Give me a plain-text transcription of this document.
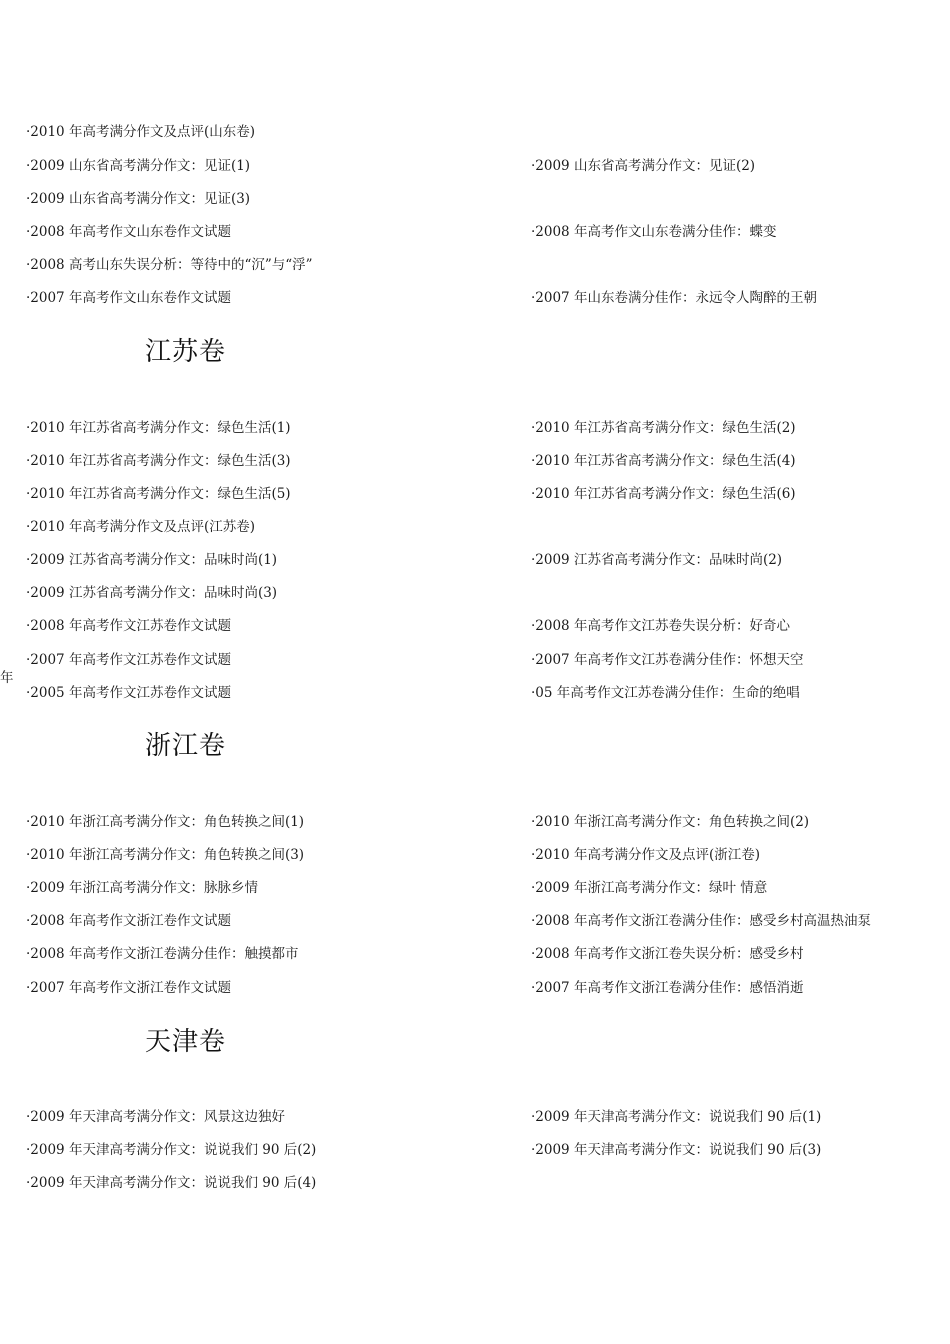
·2010 年高考满分作文及点评(山东卷)
·2009 山东省高考满分作文：见证(1)	·2009 山东省高考满分作文：见证(2)
·2009 山东省高考满分作文：见证(3)
·2008 年高考作文山东卷作文试题	·2008 年高考作文山东卷满分佳作：蝶变
·2008 高考山东失误分析：等待中的“沉”与“浮”
·2007 年高考作文山东卷作文试题	·2007 年山东卷满分佳作：永远令人陶醉的王朝
江苏卷
·2010 年江苏省高考满分作文：绿色生活(1)	·2010 年江苏省高考满分作文：绿色生活(2)
·2010 年江苏省高考满分作文：绿色生活(3)	·2010 年江苏省高考满分作文：绿色生活(4)
·2010 年江苏省高考满分作文：绿色生活(5)	·2010 年江苏省高考满分作文：绿色生活(6)
·2010 年高考满分作文及点评(江苏卷)
·2009 江苏省高考满分作文：品味时尚(1)	·2009 江苏省高考满分作文：品味时尚(2)
·2009 江苏省高考满分作文：品味时尚(3)
·2008 年高考作文江苏卷作文试题	·2008 年高考作文江苏卷失误分析：好奇心
·2007 年高考作文江苏卷作文试题	·2007 年高考作文江苏卷满分佳作：怀想天空
·2005 年高考作文江苏卷作文试题	·05 年高考作文江苏卷满分佳作：生命的绝唱
浙江卷
·2010 年浙江高考满分作文：角色转换之间(1)	·2010 年浙江高考满分作文：角色转换之间(2)
·2010 年浙江高考满分作文：角色转换之间(3)	·2010 年高考满分作文及点评(浙江卷)
·2009 年浙江高考满分作文：脉脉乡情	·2009 年浙江高考满分作文：绿叶 情意
·2008 年高考作文浙江卷作文试题	·2008 年高考作文浙江卷满分佳作：感受乡村高温热油泵
·2008 年高考作文浙江卷满分佳作：触摸都市	·2008 年高考作文浙江卷失误分析：感受乡村
·2007 年高考作文浙江卷作文试题	·2007 年高考作文浙江卷满分佳作：感悟消逝
天津卷
·2009 年天津高考满分作文：风景这边独好	·2009 年天津高考满分作文：说说我们 90 后(1)
·2009 年天津高考满分作文：说说我们 90 后(2)	·2009 年天津高考满分作文：说说我们 90 后(3)
·2009 年天津高考满分作文：说说我们 90 后(4)
年
